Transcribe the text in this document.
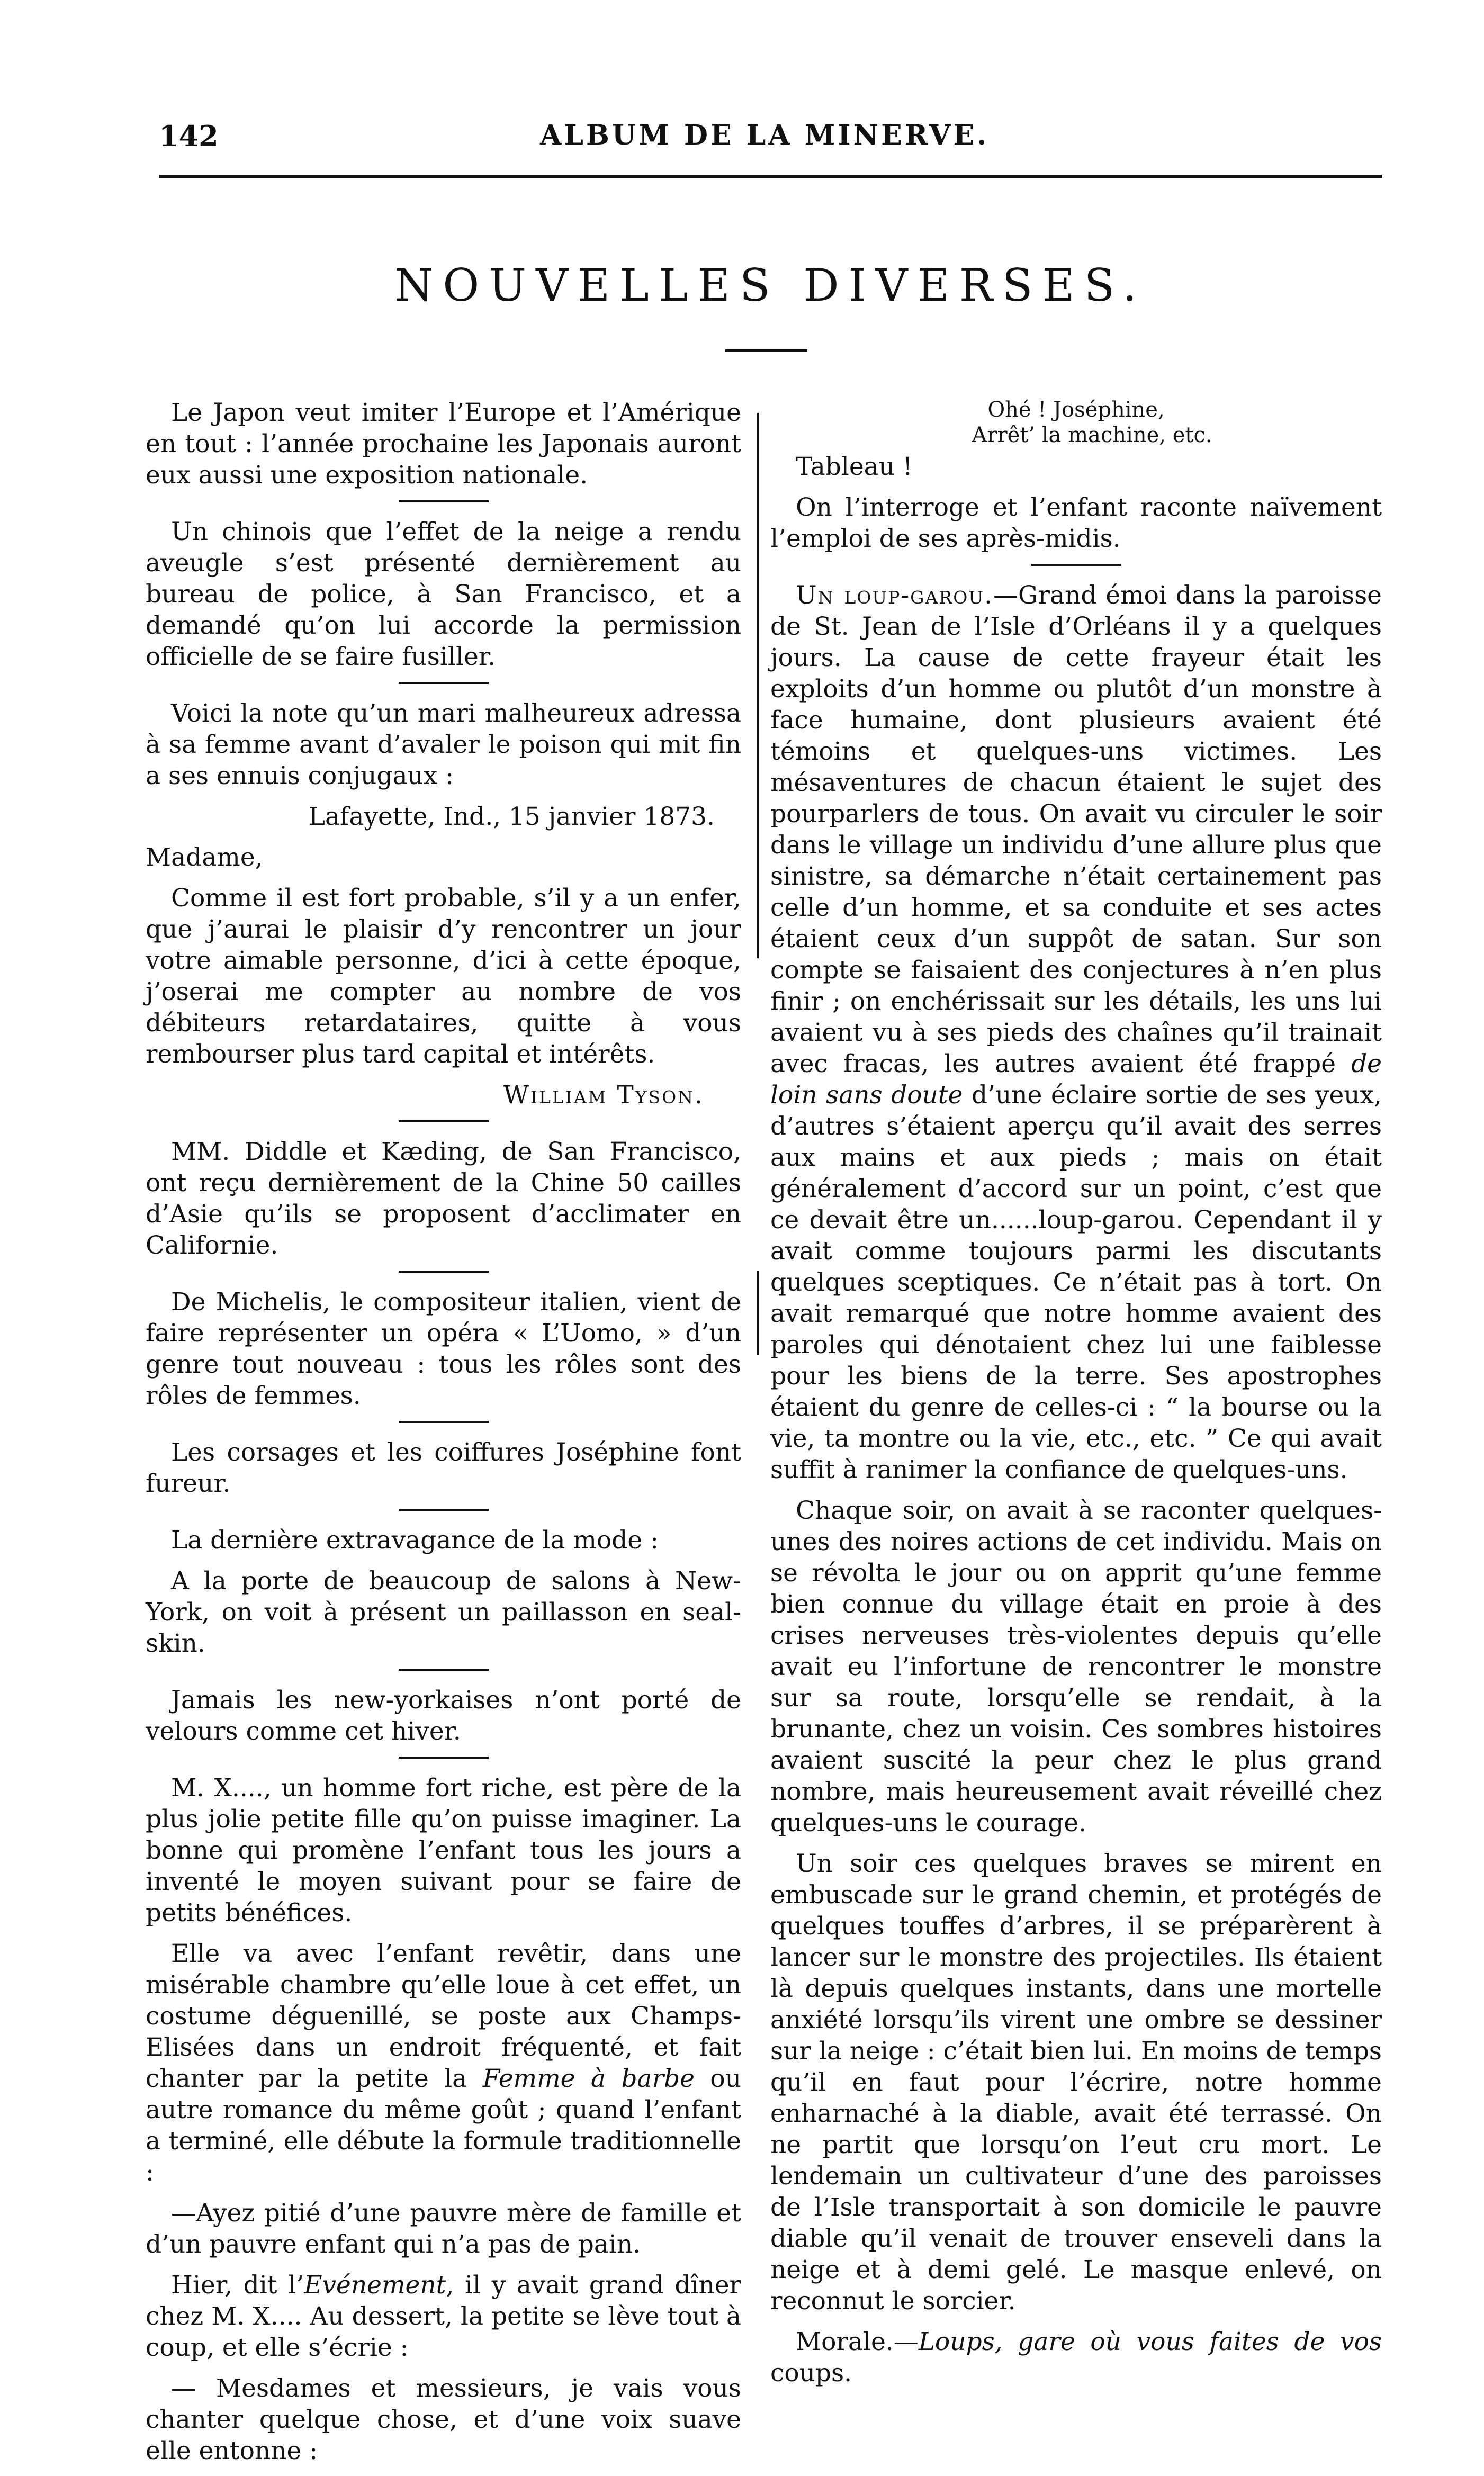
142	ALBUM DE LA MINERVE.
NOUVELLES DIVERSES.

Le Japon veut imiter l’Europe et l’Amérique en tout : l’année prochaine les Japonais auront eux aussi une exposition nationale.

Un chinois que l’effet de la neige a rendu aveugle s’est présenté dernièrement au bureau de police, à San Francisco, et a demandé qu’on lui accorde la permission officielle de se faire fusiller.

Voici la note qu’un mari malheureux adressa à sa femme avant d’avaler le poison qui mit fin a ses ennuis conjugaux :

Lafayette, Ind., 15 janvier 1873.

Madame,

Comme il est fort probable, s’il y a un enfer, que j’aurai le plaisir d’y rencontrer un jour votre aimable personne, d’ici à cette époque, j’oserai me compter au nombre de vos débiteurs retardataires, quitte à vous rembourser plus tard capital et intérêts.

William Tyson.

MM. Diddle et Kæding, de San Francisco, ont reçu dernièrement de la Chine 50 cailles d’Asie qu’ils se proposent d’acclimater en Californie.

De Michelis, le compositeur italien, vient de faire représenter un opéra « L’Uomo, » d’un genre tout nouveau : tous les rôles sont des rôles de femmes.

Les corsages et les coiffures Joséphine font fureur.

La dernière extravagance de la mode :

A la porte de beaucoup de salons à New-York, on voit à présent un paillasson en seal-skin.

Jamais les new-yorkaises n’ont porté de velours comme cet hiver.

M. X...., un homme fort riche, est père de la plus jolie petite fille qu’on puisse imaginer. La bonne qui promène l’enfant tous les jours a inventé le moyen suivant pour se faire de petits bénéfices.

Elle va avec l’enfant revêtir, dans une misérable chambre qu’elle loue à cet effet, un costume déguenillé, se poste aux Champs-Elisées dans un endroit fréquenté, et fait chanter par la petite la Femme à barbe ou autre romance du même goût ; quand l’enfant a terminé, elle débute la formule traditionnelle :

—Ayez pitié d’une pauvre mère de famille et d’un pauvre enfant qui n’a pas de pain.

Hier, dit l’Evénement, il y avait grand dîner chez M. X.... Au dessert, la petite se lève tout à coup, et elle s’écrie :

— Mesdames et messieurs, je vais vous chanter quelque chose, et d’une voix suave elle entonne :

Ohé ! Joséphine,

Arrêt’ la machine, etc.

Tableau !

On l’interroge et l’enfant raconte naïvement l’emploi de ses après-midis.

Un loup-garou.—Grand émoi dans la paroisse de St. Jean de l’Isle d’Orléans il y a quelques jours. La cause de cette frayeur était les exploits d’un homme ou plutôt d’un monstre à face humaine, dont plusieurs avaient été témoins et quelques-uns victimes. Les mésaventures de chacun étaient le sujet des pourparlers de tous. On avait vu circuler le soir dans le village un individu d’une allure plus que sinistre, sa démarche n’était certainement pas celle d’un homme, et sa conduite et ses actes étaient ceux d’un suppôt de satan. Sur son compte se faisaient des conjectures à n’en plus finir ; on enchérissait sur les détails, les uns lui avaient vu à ses pieds des chaînes qu’il trainait avec fracas, les autres avaient été frappé de loin sans doute d’une éclaire sortie de ses yeux, d’autres s’étaient aperçu qu’il avait des serres aux mains et aux pieds ; mais on était généralement d’accord sur un point, c’est que ce devait être un......loup-garou. Cependant il y avait comme toujours parmi les discutants quelques sceptiques. Ce n’était pas à tort. On avait remarqué que notre homme avaient des paroles qui dénotaient chez lui une faiblesse pour les biens de la terre. Ses apostrophes étaient du genre de celles-ci : “ la bourse ou la vie, ta montre ou la vie, etc., etc. ” Ce qui avait suffit à ranimer la confiance de quelques-uns.

Chaque soir, on avait à se raconter quelques-unes des noires actions de cet individu. Mais on se révolta le jour ou on apprit qu’une femme bien connue du village était en proie à des crises nerveuses très-violentes depuis qu’elle avait eu l’infortune de rencontrer le monstre sur sa route, lorsqu’elle se rendait, à la brunante, chez un voisin. Ces sombres histoires avaient suscité la peur chez le plus grand nombre, mais heureusement avait réveillé chez quelques-uns le courage.

Un soir ces quelques braves se mirent en embuscade sur le grand chemin, et protégés de quelques touffes d’arbres, il se préparèrent à lancer sur le monstre des projectiles. Ils étaient là depuis quelques instants, dans une mortelle anxiété lorsqu’ils virent une ombre se dessiner sur la neige : c’était bien lui. En moins de temps qu’il en faut pour l’écrire, notre homme enharnaché à la diable, avait été terrassé. On ne partit que lorsqu’on l’eut cru mort. Le lendemain un cultivateur d’une des paroisses de l’Isle transportait à son domicile le pauvre diable qu’il venait de trouver enseveli dans la neige et à demi gelé. Le masque enlevé, on reconnut le sorcier.

Morale.—Loups, gare où vous faites de vos coups.
